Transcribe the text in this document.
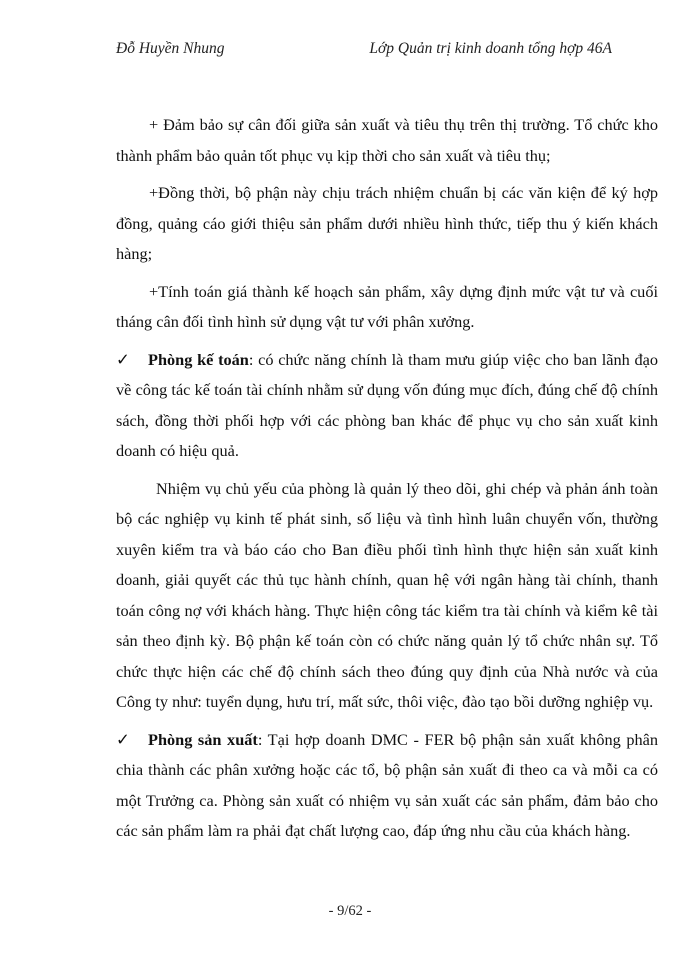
Đỗ Huyền Nhung	Lớp Quản trị kinh doanh tổng hợp 46A

+ Đảm bảo sự cân đối giữa sản xuất và tiêu thụ trên thị trường. Tổ chức kho thành phẩm bảo quản tốt phục vụ kịp thời cho sản xuất và tiêu thụ;

+Đồng thời, bộ phận này chịu trách nhiệm chuẩn bị các văn kiện để ký hợp đồng, quảng cáo giới thiệu sản phẩm dưới nhiều hình thức, tiếp thu ý kiến khách hàng;

+Tính toán giá thành kế hoạch sản phẩm, xây dựng định mức vật tư và cuối tháng cân đối tình hình sử dụng vật tư với phân xưởng.

✓ Phòng kế toán: có chức năng chính là tham mưu giúp việc cho ban lãnh đạo về công tác kế toán tài chính nhằm sử dụng vốn đúng mục đích, đúng chế độ chính sách, đồng thời phối hợp với các phòng ban khác để phục vụ cho sản xuất kinh doanh có hiệu quả.

Nhiệm vụ chủ yếu của phòng là quản lý theo dõi, ghi chép và phản ánh toàn bộ các nghiệp vụ kinh tế phát sinh, số liệu và tình hình luân chuyển vốn, thường xuyên kiểm tra và báo cáo cho Ban điều phối tình hình thực hiện sản xuất kinh doanh, giải quyết các thủ tục hành chính, quan hệ với ngân hàng tài chính, thanh toán công nợ với khách hàng. Thực hiện công tác kiểm tra tài chính và kiểm kê tài sản theo định kỳ. Bộ phận kế toán còn có chức năng quản lý tổ chức nhân sự. Tổ chức thực hiện các chế độ chính sách theo đúng quy định của Nhà nước và của Công ty như: tuyển dụng, hưu trí, mất sức, thôi việc, đào tạo bồi dưỡng nghiệp vụ.

✓ Phòng sản xuất: Tại hợp doanh DMC - FER bộ phận sản xuất không phân chia thành các phân xưởng hoặc các tổ, bộ phận sản xuất đi theo ca và mỗi ca có một Trưởng ca. Phòng sản xuất có nhiệm vụ sản xuất các sản phẩm, đảm bảo cho các sản phẩm làm ra phải đạt chất lượng cao, đáp ứng nhu cầu của khách hàng.

- 9/62 -
